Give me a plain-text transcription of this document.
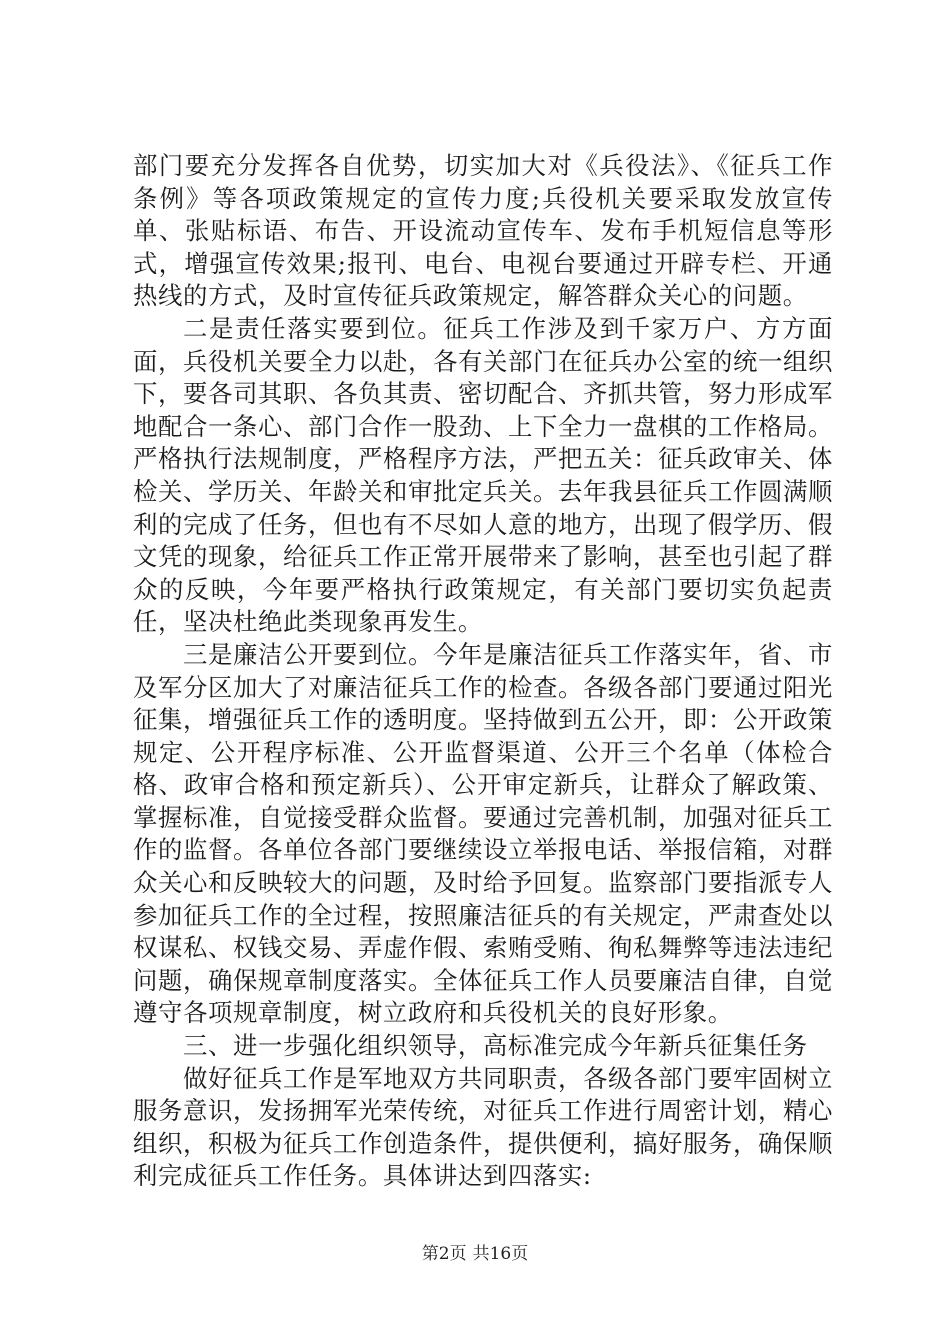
部门要充分发挥各自优势，切实加大对《兵役法》、《征兵工作条例》等各项政策规定的宣传力度;兵役机关要采取发放宣传单、张贴标语、布告、开设流动宣传车、发布手机短信息等形式，增强宣传效果;报刊、电台、电视台要通过开辟专栏、开通热线的方式，及时宣传征兵政策规定，解答群众关心的问题。

二是责任落实要到位。征兵工作涉及到千家万户、方方面面，兵役机关要全力以赴，各有关部门在征兵办公室的统一组织下，要各司其职、各负其责、密切配合、齐抓共管，努力形成军地配合一条心、部门合作一股劲、上下全力一盘棋的工作格局。严格执行法规制度，严格程序方法，严把五关：征兵政审关、体检关、学历关、年龄关和审批定兵关。去年我县征兵工作圆满顺利的完成了任务，但也有不尽如人意的地方，出现了假学历、假文凭的现象，给征兵工作正常开展带来了影响，甚至也引起了群众的反映，今年要严格执行政策规定，有关部门要切实负起责任，坚决杜绝此类现象再发生。

三是廉洁公开要到位。今年是廉洁征兵工作落实年，省、市及军分区加大了对廉洁征兵工作的检查。各级各部门要通过阳光征集，增强征兵工作的透明度。坚持做到五公开，即：公开政策规定、公开程序标准、公开监督渠道、公开三个名单（体检合格、政审合格和预定新兵）、公开审定新兵，让群众了解政策、掌握标准，自觉接受群众监督。要通过完善机制，加强对征兵工作的监督。各单位各部门要继续设立举报电话、举报信箱，对群众关心和反映较大的问题，及时给予回复。监察部门要指派专人参加征兵工作的全过程，按照廉洁征兵的有关规定，严肃查处以权谋私、权钱交易、弄虚作假、索贿受贿、徇私舞弊等违法违纪问题，确保规章制度落实。全体征兵工作人员要廉洁自律，自觉遵守各项规章制度，树立政府和兵役机关的良好形象。

三、进一步强化组织领导，高标准完成今年新兵征集任务

做好征兵工作是军地双方共同职责，各级各部门要牢固树立服务意识，发扬拥军光荣传统，对征兵工作进行周密计划，精心组织，积极为征兵工作创造条件，提供便利，搞好服务，确保顺利完成征兵工作任务。具体讲达到四落实:

第2页 共16页
